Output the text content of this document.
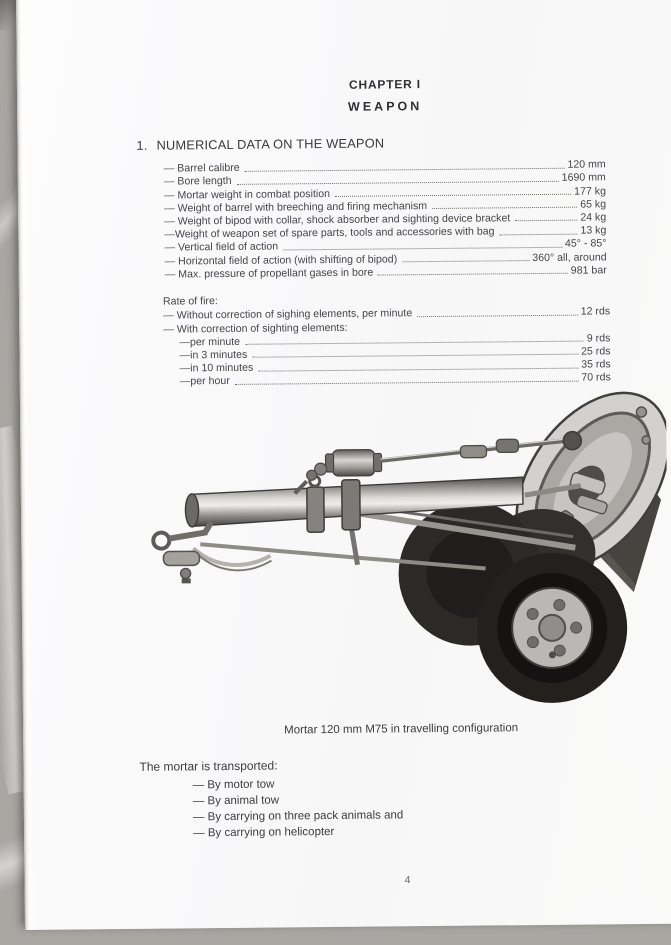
CHAPTER I
WEAPON
1. NUMERICAL DATA ON THE WEAPON
— Barrel calibre	120 mm
— Bore length	1690 mm
— Mortar weight in combat position	177 kg
— Weight of barrel with breeching and firing mechanism	65 kg
— Weight of bipod with collar, shock absorber and sighting device bracket	24 kg
—Weight of weapon set of spare parts, tools and accessories with bag	13 kg
— Vertical field of action	45° - 85°
— Horizontal field of action (with shifting of bipod)	360° all, around
— Max. pressure of propellant gases in bore	981 bar
Rate of fire:
— Without correction of sighing elements, per minute	12 rds
— With correction of sighting elements:
—per minute	9 rds
—in 3 minutes	25 rds
—in 10 minutes	35 rds
—per hour	70 rds
Mortar 120 mm M75 in travelling configuration
The mortar is transported:
— By motor tow
— By animal tow
— By carrying on three pack animals and
— By carrying on helicopter
4
